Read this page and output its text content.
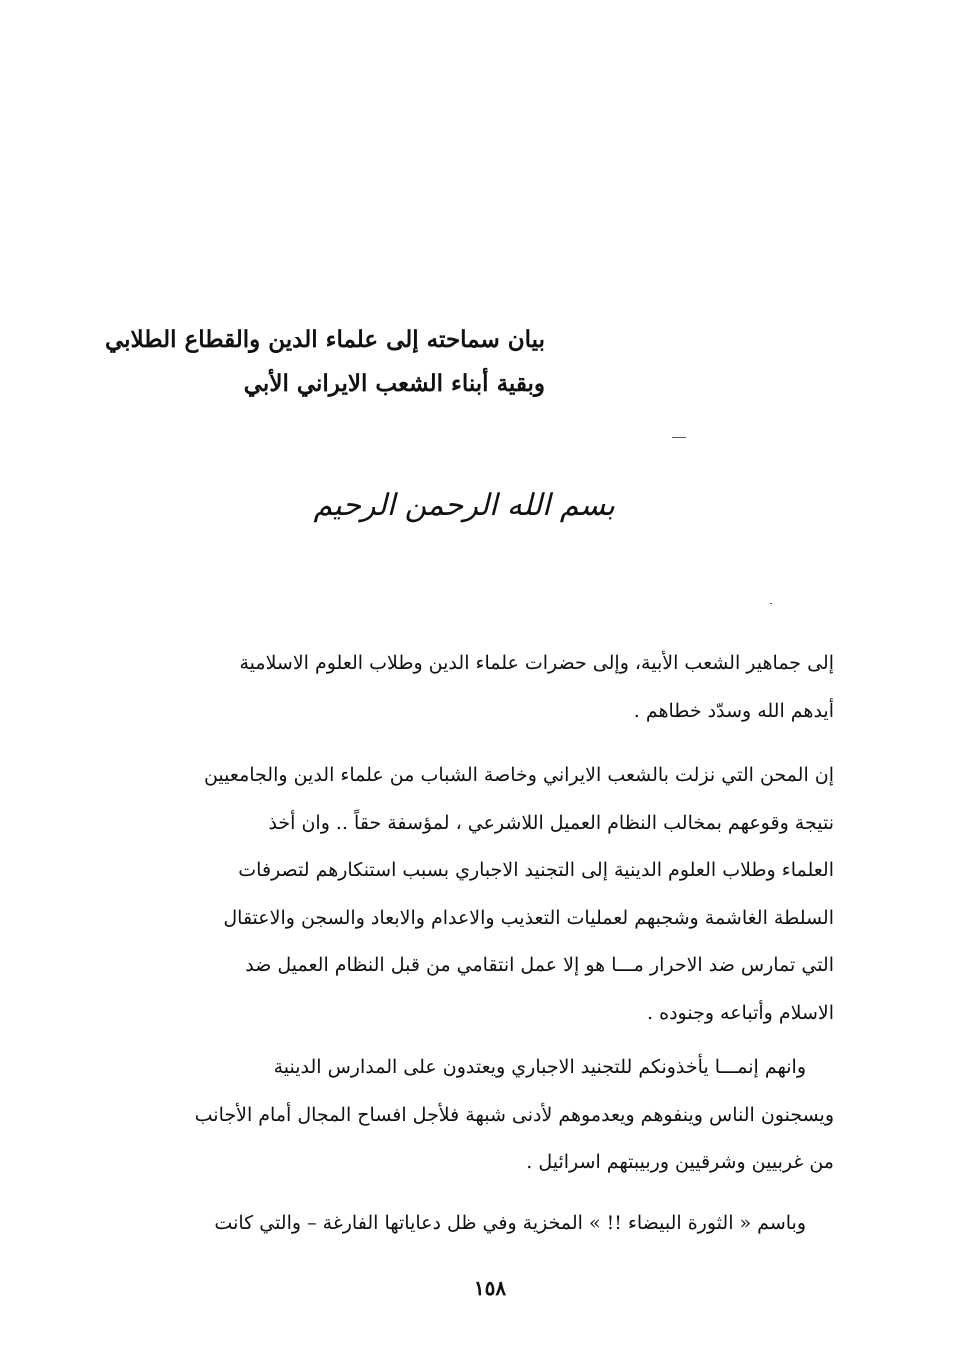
بيان سماحته إلى علماء الدين والقطاع الطلابي
وبقية أبناء الشعب الايراني الأبي
بسم الله الرحمن الرحيم
إلى جماهير الشعب الأبية، وإلى حضرات علماء الدين وطلاب العلوم الاسلامية
أيدهم الله وسدّد خطاهم .
إن المحن التي نزلت بالشعب الايراني وخاصة الشباب من علماء الدين والجامعيين
نتيجة وقوعهم بمخالب النظام العميل اللاشرعي ، لمؤسفة حقاً .. وان أخذ
العلماء وطلاب العلوم الدينية إلى التجنيد الاجباري بسبب استنكارهم لتصرفات
السلطة الغاشمة وشجبهم لعمليات التعذيب والاعدام والابعاد والسجن والاعتقال
التي تمارس ضد الاحرار مـــا هو إلا عمل انتقامي من قبل النظام العميل ضد
الاسلام وأتباعه وجنوده .
وانهم إنمـــا يأخذونكم للتجنيد الاجباري ويعتدون على المدارس الدينية
ويسجنون الناس وينفوهم ويعدموهم لأدنى شبهة فلأجل افساح المجال أمام الأجانب
من غربيين وشرقيين وربيبتهم اسرائيل .
وباسم « الثورة البيضاء !! » المخزية وفي ظل دعاياتها الفارغة – والتي كانت
١٥٨
